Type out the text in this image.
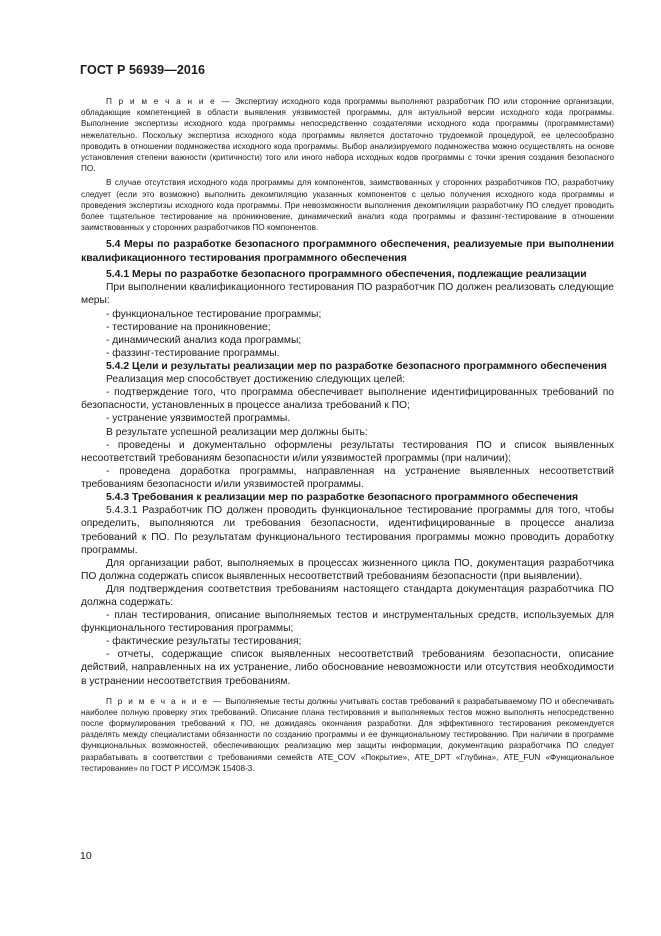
ГОСТ Р 56939—2016

П р и м е ч а н и е — Экспертизу исходного кода программы выполняют разработчик ПО или сторонние организации, обладающие компетенцией в области выявления уязвимостей программы, для актуальной версии исходного кода программы. Выполнение экспертизы исходного кода программы непосредственно создателями исходного кода программы (программистами) нежелательно. Поскольку экспертиза исходного кода программы является достаточно трудоемкой процедурой, ее целесообразно проводить в отношении подмножества исходного кода программы. Выбор анализируемого подмножества можно осуществлять на основе установления степени важности (критичности) того или иного набора исходных кодов программы с точки зрения создания безопасного ПО.

В случае отсутствия исходного кода программы для компонентов, заимствованных у сторонних разработчиков ПО, разработчику следует (если это возможно) выполнить декомпиляцию указанных компонентов с целью получения исходного кода программы и проведения экспертизы исходного кода программы. При невозможности выполнения декомпиляции разработчику ПО следует проводить более тщательное тестирование на проникновение, динамический анализ кода программы и фаззинг-тестирование в отношении заимствованных у сторонних разработчиков ПО компонентов.

5.4 Меры по разработке безопасного программного обеспечения, реализуемые при выполнении квалификационного тестирования программного обеспечения

5.4.1 Меры по разработке безопасного программного обеспечения, подлежащие реализации

При выполнении квалификационного тестирования ПО разработчик ПО должен реализовать следующие меры:

- функциональное тестирование программы;

- тестирование на проникновение;

- динамический анализ кода программы;

- фаззинг-тестирование программы.

5.4.2 Цели и результаты реализации мер по разработке безопасного программного обеспечения

Реализация мер способствует достижению следующих целей:

- подтверждение того, что программа обеспечивает выполнение идентифицированных требований по безопасности, установленных в процессе анализа требований к ПО;

- устранение уязвимостей программы.

В результате успешной реализации мер должны быть:

- проведены и документально оформлены результаты тестирования ПО и список выявленных несоответствий требованиям безопасности и/или уязвимостей программы (при наличии);

- проведена доработка программы, направленная на устранение выявленных несоответствий требованиям безопасности и/или уязвимостей программы.

5.4.3 Требования к реализации мер по разработке безопасного программного обеспечения

5.4.3.1 Разработчик ПО должен проводить функциональное тестирование программы для того, чтобы определить, выполняются ли требования безопасности, идентифицированные в процессе анализа требований к ПО. По результатам функционального тестирования программы можно проводить доработку программы.

Для организации работ, выполняемых в процессах жизненного цикла ПО, документация разработчика ПО должна содержать список выявленных несоответствий требованиям безопасности (при выявлении).

Для подтверждения соответствия требованиям настоящего стандарта документация разработчика ПО должна содержать:

- план тестирования, описание выполняемых тестов и инструментальных средств, используемых для функционального тестирования программы;

- фактические результаты тестирования;

- отчеты, содержащие список выявленных несоответствий требованиям безопасности, описание действий, направленных на их устранение, либо обоснование невозможности или отсутствия необходимости в устранении несоответствия требованиям.

П р и м е ч а н и е — Выполняемые тесты должны учитывать состав требований к разрабатываемому ПО и обеспечивать наиболее полную проверку этих требований. Описание плана тестирования и выполняемых тестов можно выполнять непосредственно после формулирования требований к ПО, не дожидаясь окончания разработки. Для эффективного тестирования рекомендуется разделять между специалистами обязанности по созданию программы и ее функциональному тестированию. При наличии в программе функциональных возможностей, обеспечивающих реализацию мер защиты информации, документацию разработчика ПО следует разрабатывать в соответствии с требованиями семейств ATE_COV «Покрытие», ATE_DPT «Глубина», ATE_FUN «Функциональное тестирование» по ГОСТ Р ИСО/МЭК 15408-3.

10
